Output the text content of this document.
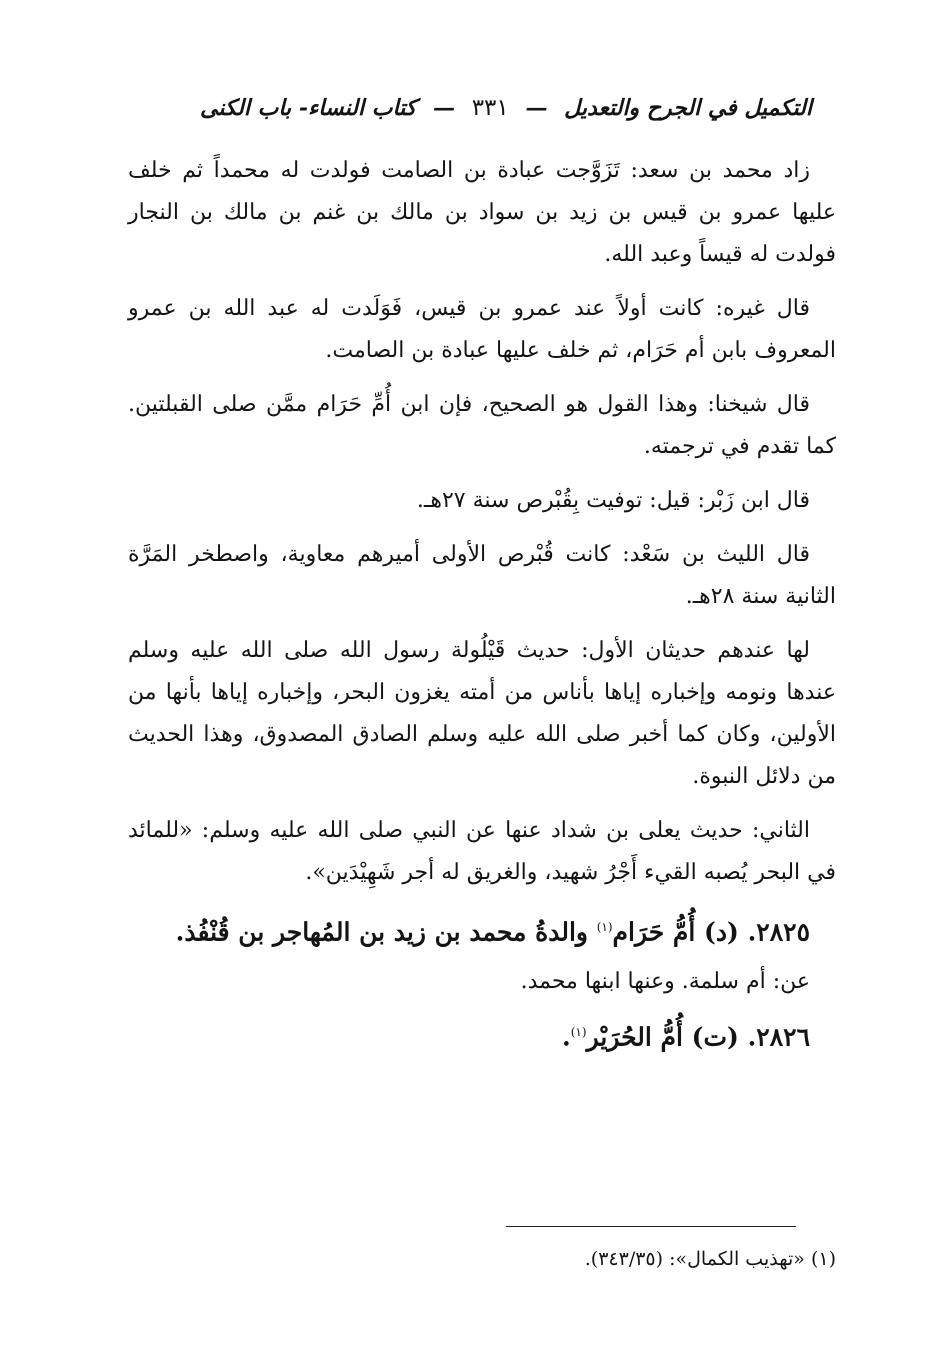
التكميل في الجرح والتعديل
—
٣٣١
—
كتاب النساء- باب الكنى

زاد محمد بن سعد: تَزَوَّجت عبادة بن الصامت فولدت له محمداً ثم خلف عليها عمرو بن قيس بن زيد بن سواد بن مالك بن غنم بن مالك بن النجار فولدت له قيساً وعبد الله.

قال غيره: كانت أولاً عند عمرو بن قيس، فَوَلَدت له عبد الله بن عمرو المعروف بابن أم حَرَام، ثم خلف عليها عبادة بن الصامت.

قال شيخنا: وهذا القول هو الصحيح، فإن ابن أُمِّ حَرَام ممَّن صلى القبلتين. كما تقدم في ترجمته.

قال ابن زَبْر: قيل: توفيت بِقُبْرص سنة ٢٧هـ.

قال الليث بن سَعْد: كانت قُبْرص الأولى أميرهم معاوية، واصطخر المَرَّة الثانية سنة ٢٨هـ.

لها عندهم حديثان الأول: حديث قَيْلُولة رسول الله صلى الله عليه وسلم عندها ونومه وإخباره إياها بأناس من أمته يغزون البحر، وإخباره إياها بأنها من الأولين، وكان كما أخبر صلى الله عليه وسلم الصادق المصدوق، وهذا الحديث من دلائل النبوة.

الثاني: حديث يعلى بن شداد عنها عن النبي صلى الله عليه وسلم: «للمائد في البحر يُصبه القيء أَجْرُ شهيد، والغريق له أجر شَهِيْدَين».

٢٨٢٥. (د) أُمُّ حَرَام$^{(١)}$ والدةُ محمد بن زيد بن المُهاجر بن قُنْفُذ.

عن: أم سلمة. وعنها ابنها محمد.

٢٨٢٦. (ت) أُمُّ الحُرَيْر$^{(١)}$.
(١) «تهذيب الكمال»: (٣٤٣/٣٥).
